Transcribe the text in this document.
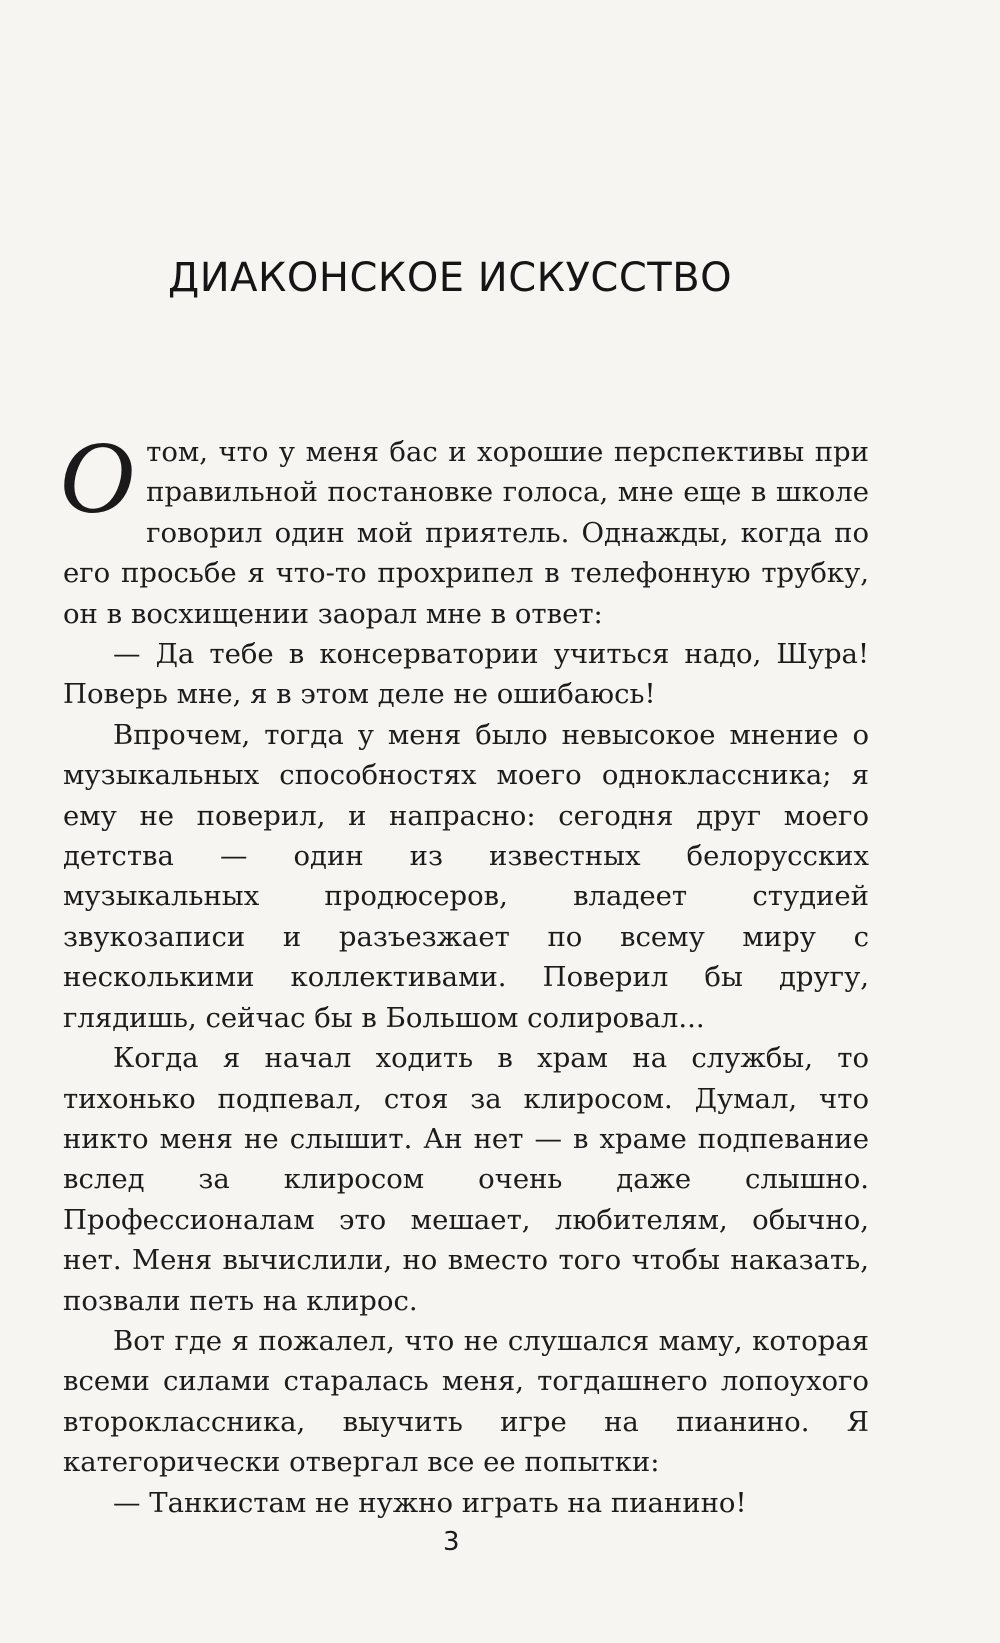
ДИАКОНСКОЕ ИСКУССТВО

О том, что у меня бас и хорошие перспективы при правильной постановке голоса, мне еще в школе говорил один мой приятель. Однажды, когда по его просьбе я что-то прохрипел в телефонную трубку, он в восхищении заорал мне в ответ:

— Да тебе в консерватории учиться надо, Шура! Поверь мне, я в этом деле не ошибаюсь!

Впрочем, тогда у меня было невысокое мнение о музыкальных способностях моего одноклассника; я ему не поверил, и напрасно: сегодня друг моего детства — один из известных белорусских музыкальных продюсеров, владеет студией звукозаписи и разъезжает по всему миру с несколькими коллективами. Поверил бы другу, глядишь, сейчас бы в Большом солировал...

Когда я начал ходить в храм на службы, то тихонько подпевал, стоя за клиросом. Думал, что никто меня не слышит. Ан нет — в храме подпевание вслед за клиросом очень даже слышно. Профессионалам это мешает, любителям, обычно, нет. Меня вычислили, но вместо того чтобы наказать, позвали петь на клирос.

Вот где я пожалел, что не слушался маму, которая всеми силами старалась меня, тогдашнего лопоухого второклассника, выучить игре на пианино. Я категорически отвергал все ее попытки:

— Танкистам не нужно играть на пианино!

3
